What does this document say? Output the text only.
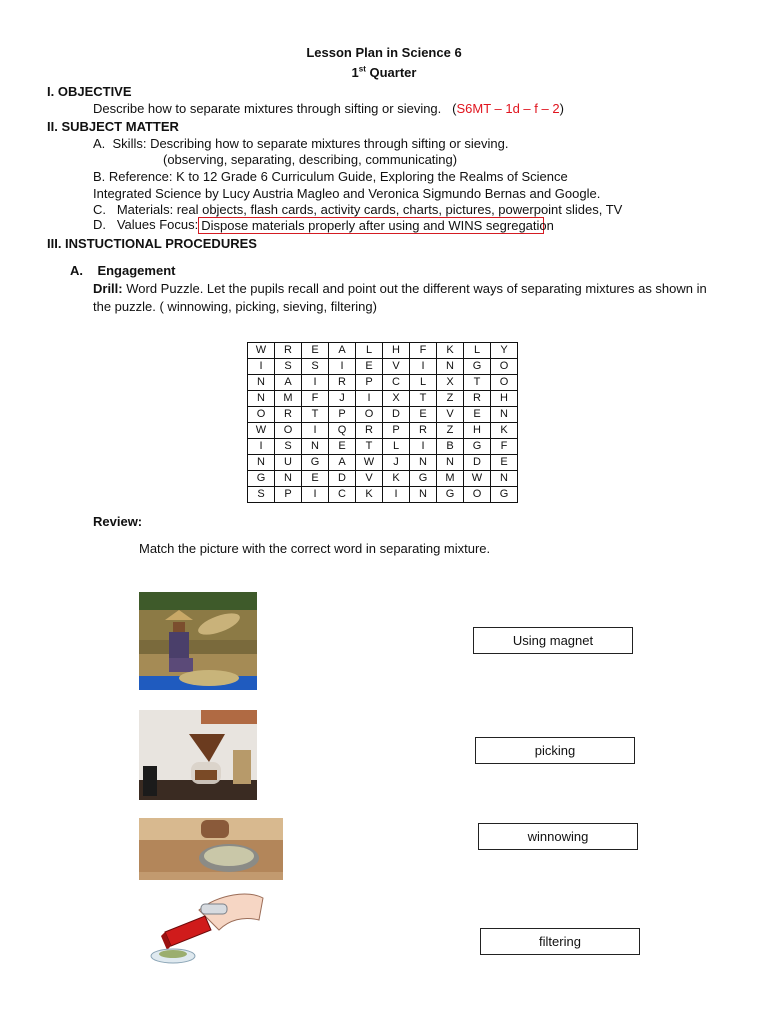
Lesson Plan in Science 6
1st Quarter
I. OBJECTIVE
Describe how to separate mixtures through sifting or sieving. (S6MT – 1d – f – 2)
II. SUBJECT MATTER
A.  Skills: Describing how to separate mixtures through sifting or sieving.
(observing, separating, describing, communicating)
B. Reference: K to 12 Grade 6 Curriculum Guide, Exploring the Realms of Science
Integrated Science by Lucy Austria Magleo and Veronica Sigmundo Bernas and Google.
C.   Materials: real objects, flash cards, activity cards, charts, pictures, powerpoint slides, TV
D.   Values Focus: Dispose materials properly after using and WINS segregation
III. INSTUCTIONAL PROCEDURES
A.    Engagement
Drill: Word Puzzle. Let the pupils recall and point out the different ways of separating mixtures as shown in
the puzzle. ( winnowing, picking, sieving, filtering)
W	R	E	A	L	H	F	K	L	Y
I	S	S	I	E	V	I	N	G	O
N	A	I	R	P	C	L	X	T	O
N	M	F	J	I	X	T	Z	R	H
O	R	T	P	O	D	E	V	E	N
W	O	I	Q	R	P	R	Z	H	K
I	S	N	E	T	L	I	B	G	F
N	U	G	A	W	J	N	N	D	E
G	N	E	D	V	K	G	M	W	N
S	P	I	C	K	I	N	G	O	G
Review:
Match the picture with the correct word in separating mixture.
Using magnet
picking
winnowing
filtering
